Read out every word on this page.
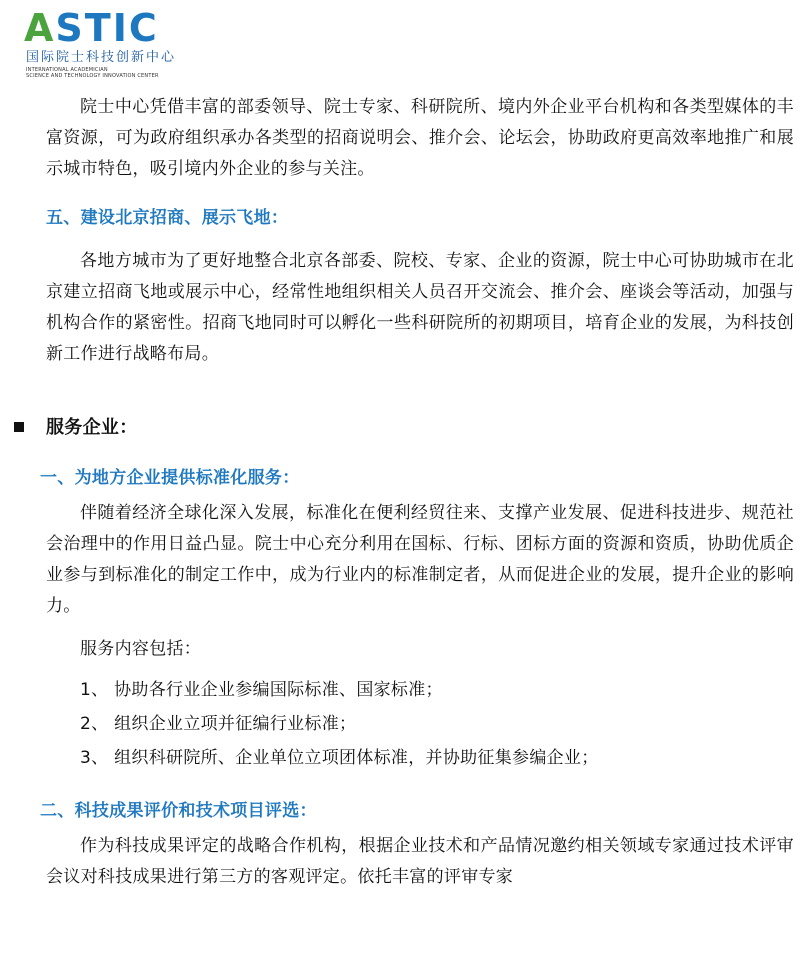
ASTIC
国际院士科技创新中心
INTERNATIONAL ACADEMICIAN
SCIENCE AND TECHNOLOGY INNOVATION CENTER

院士中心凭借丰富的部委领导、院士专家、科研院所、境内外企业平台机构和各类型媒体的丰富资源，可为政府组织承办各类型的招商说明会、推介会、论坛会，协助政府更高效率地推广和展示城市特色，吸引境内外企业的参与关注。

五、建设北京招商、展示飞地：

各地方城市为了更好地整合北京各部委、院校、专家、企业的资源，院士中心可协助城市在北京建立招商飞地或展示中心，经常性地组织相关人员召开交流会、推介会、座谈会等活动，加强与机构合作的紧密性。招商飞地同时可以孵化一些科研院所的初期项目，培育企业的发展，为科技创新工作进行战略布局。

服务企业：

一、为地方企业提供标准化服务：

伴随着经济全球化深入发展，标准化在便利经贸往来、支撑产业发展、促进科技进步、规范社会治理中的作用日益凸显。院士中心充分利用在国标、行标、团标方面的资源和资质，协助优质企业参与到标准化的制定工作中，成为行业内的标准制定者，从而促进企业的发展，提升企业的影响力。

服务内容包括：

1、 协助各行业企业参编国际标准、国家标准；

2、 组织企业立项并征编行业标准；

3、 组织科研院所、企业单位立项团体标准，并协助征集参编企业；

二、科技成果评价和技术项目评选：

作为科技成果评定的战略合作机构，根据企业技术和产品情况邀约相关领域专家通过技术评审会议对科技成果进行第三方的客观评定。依托丰富的评审专家
